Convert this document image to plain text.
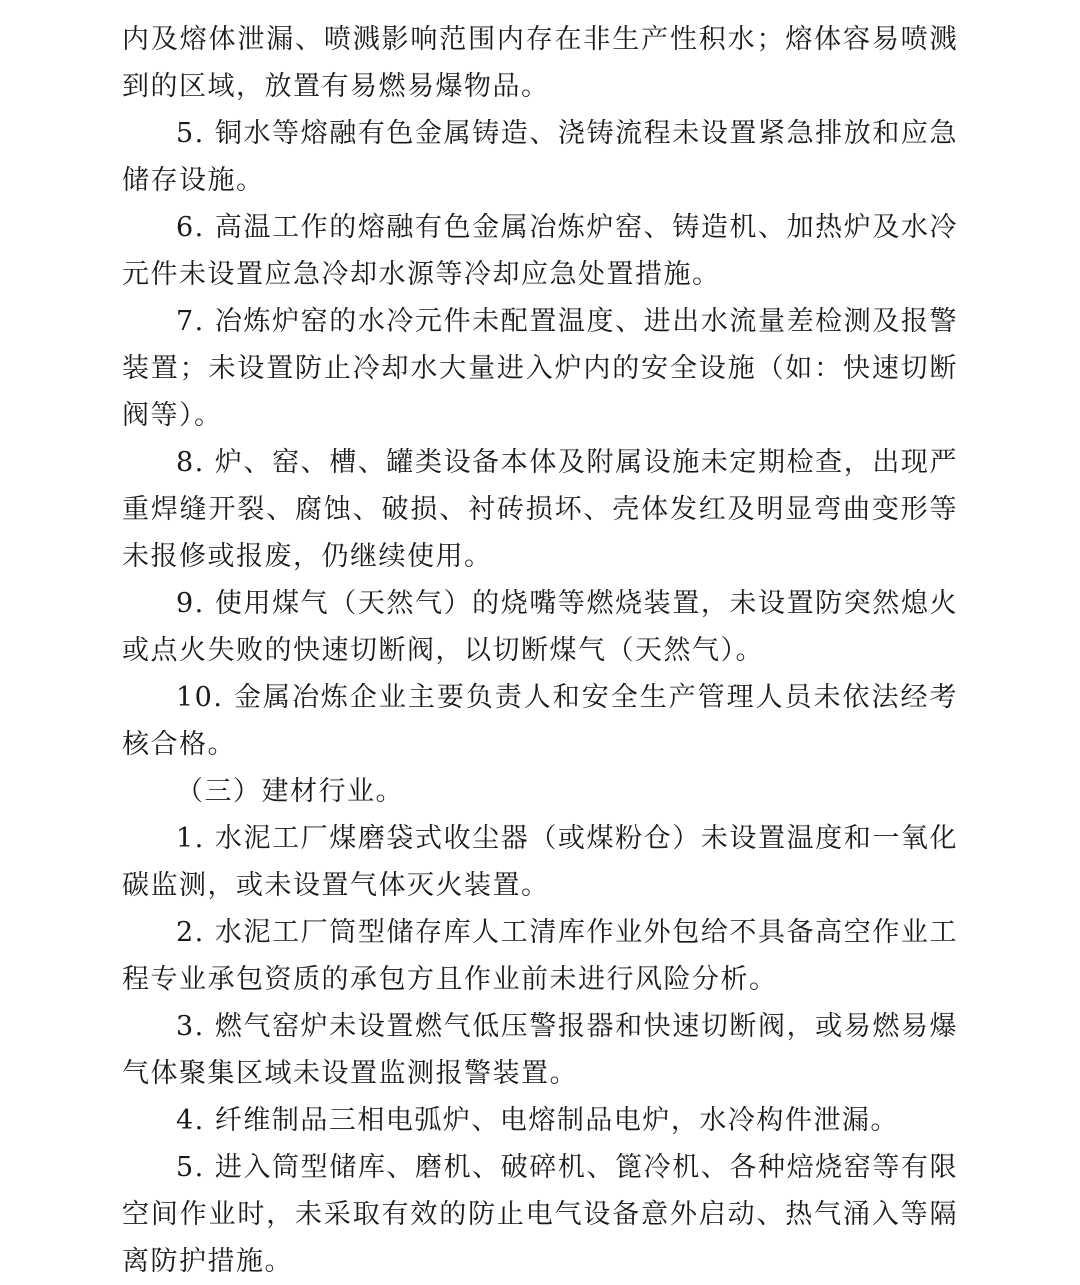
内及熔体泄漏、喷溅影响范围内存在非生产性积水；熔体容易喷溅到的区域，放置有易燃易爆物品。

5. 铜水等熔融有色金属铸造、浇铸流程未设置紧急排放和应急储存设施。

6. 高温工作的熔融有色金属冶炼炉窑、铸造机、加热炉及水冷元件未设置应急冷却水源等冷却应急处置措施。

7. 冶炼炉窑的水冷元件未配置温度、进出水流量差检测及报警装置；未设置防止冷却水大量进入炉内的安全设施（如：快速切断阀等）。

8. 炉、窑、槽、罐类设备本体及附属设施未定期检查，出现严重焊缝开裂、腐蚀、破损、衬砖损坏、壳体发红及明显弯曲变形等未报修或报废，仍继续使用。

9. 使用煤气（天然气）的烧嘴等燃烧装置，未设置防突然熄火或点火失败的快速切断阀，以切断煤气（天然气）。

10. 金属冶炼企业主要负责人和安全生产管理人员未依法经考核合格。

（三）建材行业。

1. 水泥工厂煤磨袋式收尘器（或煤粉仓）未设置温度和一氧化碳监测，或未设置气体灭火装置。

2. 水泥工厂筒型储存库人工清库作业外包给不具备高空作业工程专业承包资质的承包方且作业前未进行风险分析。

3. 燃气窑炉未设置燃气低压警报器和快速切断阀，或易燃易爆气体聚集区域未设置监测报警装置。

4. 纤维制品三相电弧炉、电熔制品电炉，水冷构件泄漏。

5. 进入筒型储库、磨机、破碎机、篦冷机、各种焙烧窑等有限空间作业时，未采取有效的防止电气设备意外启动、热气涌入等隔离防护措施。
